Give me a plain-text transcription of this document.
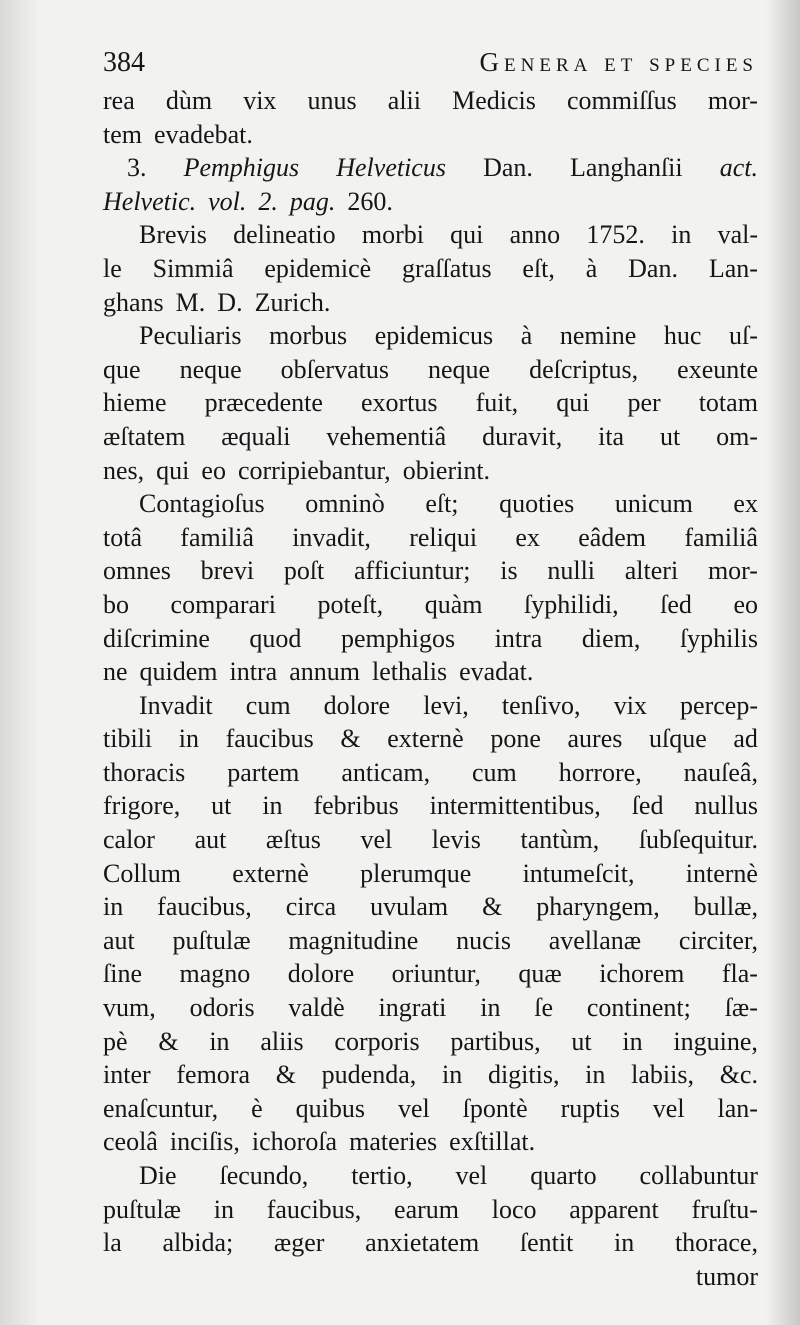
384	Genera et species
rea dùm vix unus alii Medicis commiſſus mor-
tem evadebat.
3. Pemphigus Helveticus Dan. Langhanſii act.
Helvetic. vol. 2. pag. 260.
Brevis delineatio morbi qui anno 1752. in val-
le Simmiâ epidemicè graſſatus eſt, à Dan. Lan-
ghans M. D. Zurich.
Peculiaris morbus epidemicus à nemine huc uſ-
que neque obſervatus neque deſcriptus, exeunte
hieme præcedente exortus fuit, qui per totam
æſtatem æquali vehementiâ duravit, ita ut om-
nes, qui eo corripiebantur, obierint.
Contagioſus omninò eſt; quoties unicum ex
totâ familiâ invadit, reliqui ex eâdem familiâ
omnes brevi poſt afficiuntur; is nulli alteri mor-
bo comparari poteſt, quàm ſyphilidi, ſed eo
diſcrimine quod pemphigos intra diem, ſyphilis
ne quidem intra annum lethalis evadat.
Invadit cum dolore levi, tenſivo, vix percep-
tibili in faucibus & externè pone aures uſque ad
thoracis partem anticam, cum horrore, nauſeâ,
frigore, ut in febribus intermittentibus, ſed nullus
calor aut æſtus vel levis tantùm, ſubſequitur.
Collum externè plerumque intumeſcit, internè
in faucibus, circa uvulam & pharyngem, bullæ,
aut puſtulæ magnitudine nucis avellanæ circiter,
ſine magno dolore oriuntur, quæ ichorem fla-
vum, odoris valdè ingrati in ſe continent; ſæ-
pè & in aliis corporis partibus, ut in inguine,
inter femora & pudenda, in digitis, in labiis, &c.
enaſcuntur, è quibus vel ſpontè ruptis vel lan-
ceolâ inciſis, ichoroſa materies exſtillat.
Die ſecundo, tertio, vel quarto collabuntur
puſtulæ in faucibus, earum loco apparent fruſtu-
la albida; æger anxietatem ſentit in thorace,
tumor
